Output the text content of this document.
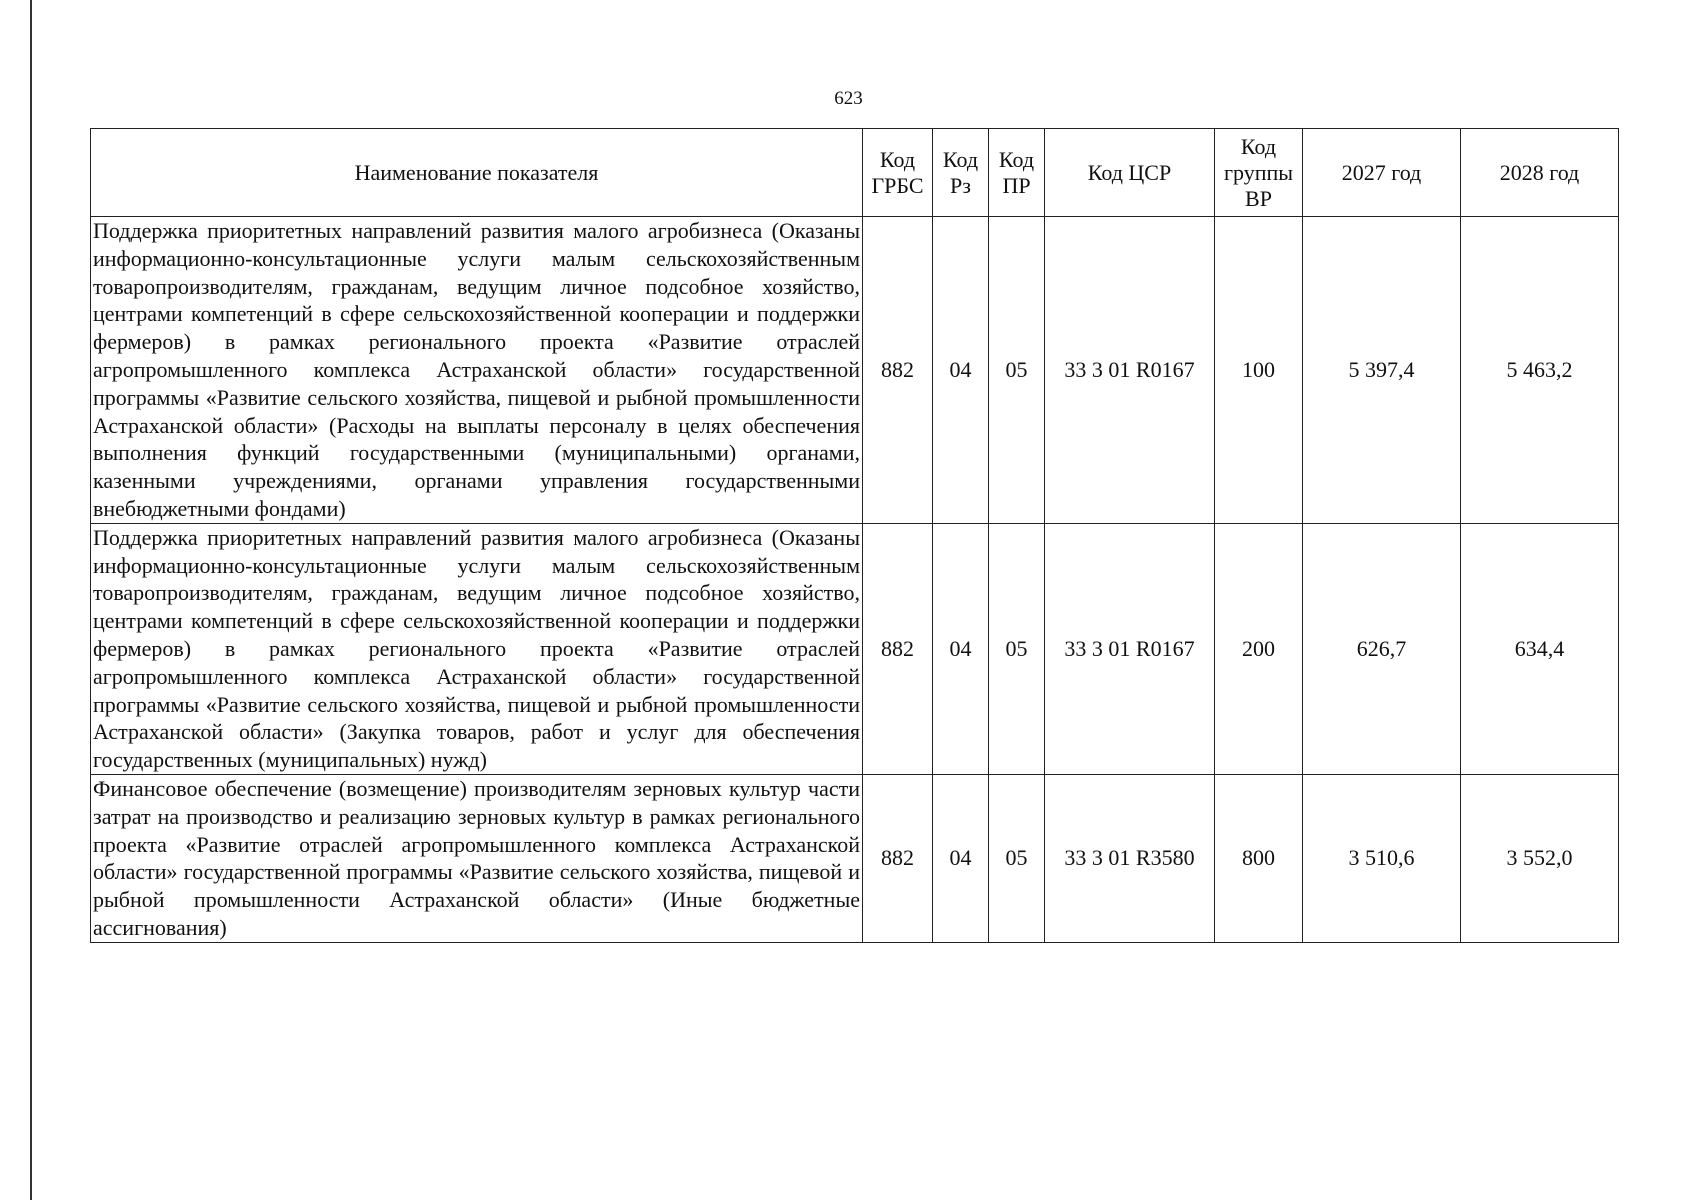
623
Наименование показателя	Код ГРБС	Код Рз	Код ПР	Код ЦСР	Код группы ВР	2027 год	2028 год
Поддержка приоритетных направлений развития малого агробизнеса (Оказаны информационно-консультационные услуги малым сельскохозяйственным товаропроизводителям, гражданам, ведущим личное подсобное хозяйство, центрами компетенций в сфере сельскохозяйственной кооперации и поддержки фермеров) в рамках регионального проекта «Развитие отраслей агропромышленного комплекса Астраханской области» государственной программы «Развитие сельского хозяйства, пищевой и рыбной промышленности Астраханской области» (Расходы на выплаты персоналу в целях обеспечения выполнения функций государственными (муниципальными) органами, казенными учреждениями, органами управления государственными внебюджетными фондами)	882	04	05	33 3 01 R0167	100	5 397,4	5 463,2
Поддержка приоритетных направлений развития малого агробизнеса (Оказаны информационно-консультационные услуги малым сельскохозяйственным товаропроизводителям, гражданам, ведущим личное подсобное хозяйство, центрами компетенций в сфере сельскохозяйственной кооперации и поддержки фермеров) в рамках регионального проекта «Развитие отраслей агропромышленного комплекса Астраханской области» государственной программы «Развитие сельского хозяйства, пищевой и рыбной промышленности Астраханской области» (Закупка товаров, работ и услуг для обеспечения государственных (муниципальных) нужд)	882	04	05	33 3 01 R0167	200	626,7	634,4
Финансовое обеспечение (возмещение) производителям зерновых культур части затрат на производство и реализацию зерновых культур в рамках регионального проекта «Развитие отраслей агропромышленного комплекса Астраханской области» государственной программы «Развитие сельского хозяйства, пищевой и рыбной промышленности Астраханской области» (Иные бюджетные ассигнования)	882	04	05	33 3 01 R3580	800	3 510,6	3 552,0
